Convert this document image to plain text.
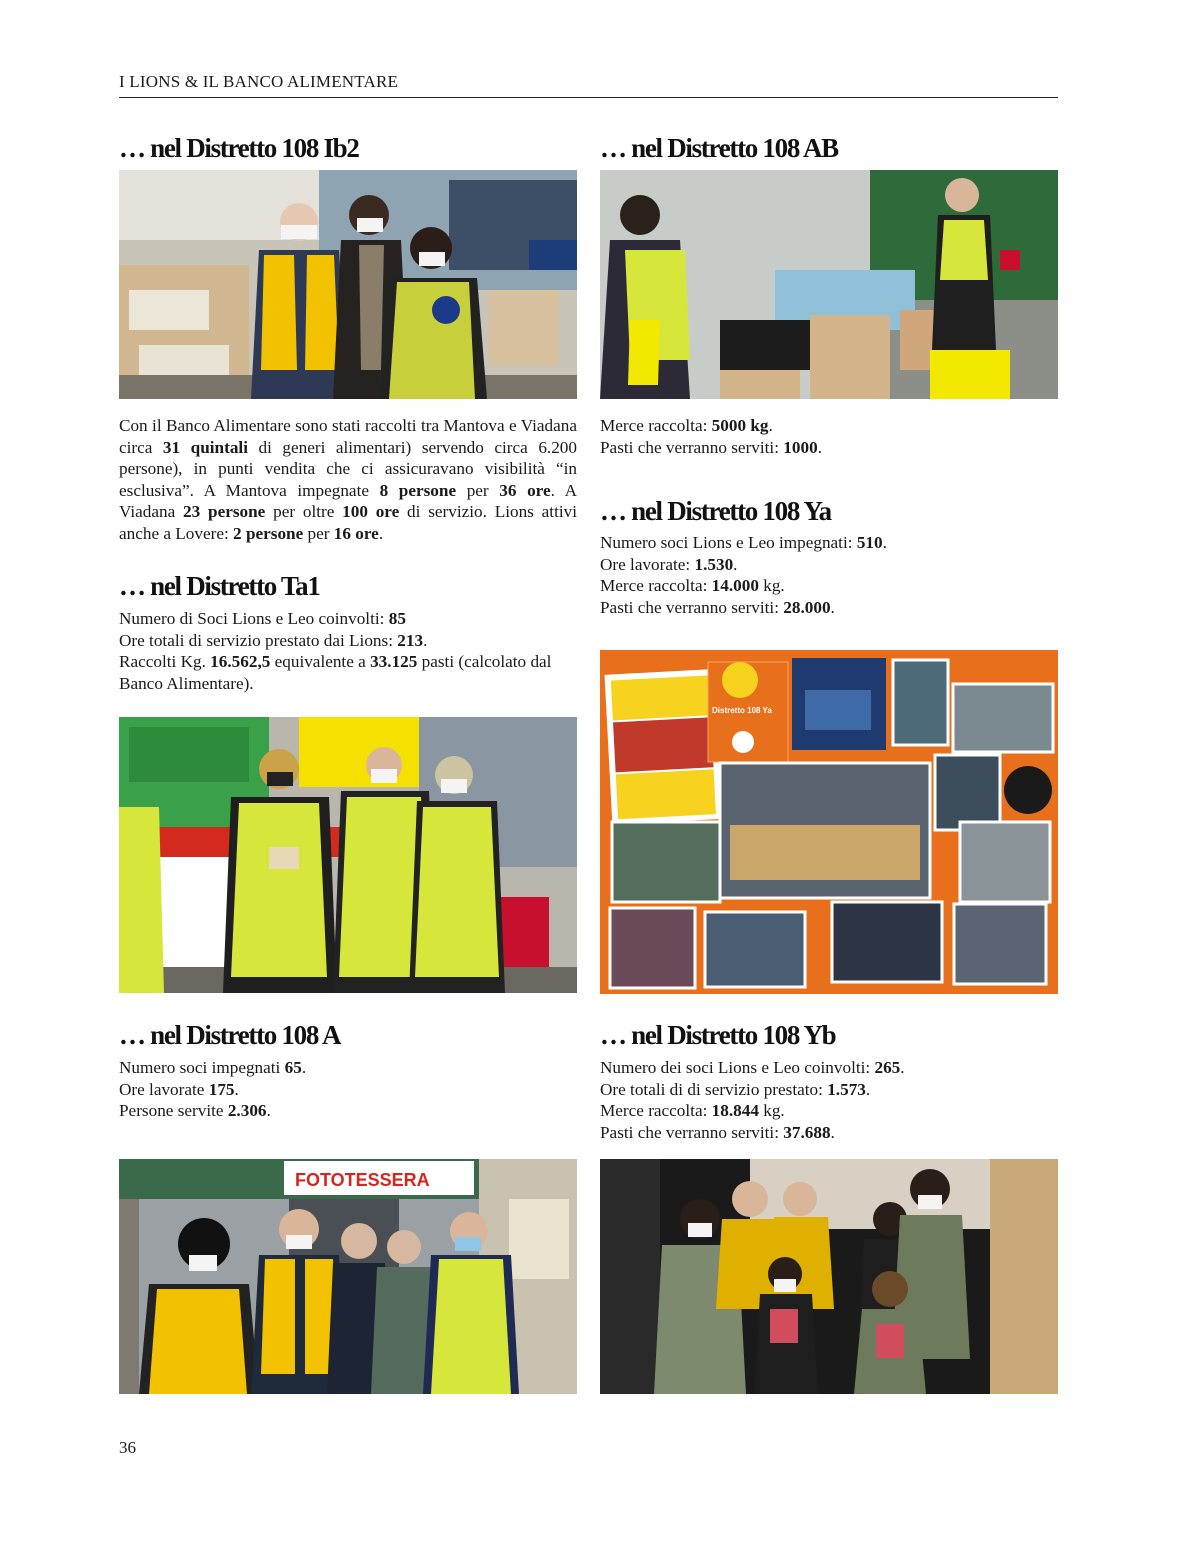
I LIONS & IL BANCO ALIMENTARE
… nel Distretto 108 Ib2

Con il Banco Alimentare sono stati raccolti tra Mantova e Viadana circa 31 quintali di generi alimentari) servendo circa 6.200 persone), in punti vendita che ci assicuravano visibilità “in esclusiva”. A Mantova impegnate 8 persone per 36 ore. A Viadana 23 persone per oltre 100 ore di servizio. Lions attivi anche a Lovere: 2 persone per 16 ore.

… nel Distretto Ta1

Numero di Soci Lions e Leo coinvolti: 85

Ore totali di servizio prestato dai Lions: 213.

Raccolti Kg. 16.562,5 equivalente a 33.125 pasti (calcolato dal Banco Alimentare).

… nel Distretto 108 A

Numero soci impegnati 65.

Ore lavorate 175.

Persone servite 2.306.

FOTOTESSERA
… nel Distretto 108 AB

Merce raccolta: 5000 kg.

Pasti che verranno serviti: 1000.

… nel Distretto 108 Ya

Numero soci Lions e Leo impegnati: 510.

Ore lavorate: 1.530.

Merce raccolta: 14.000 kg.

Pasti che verranno serviti: 28.000.

Distretto 108 Ya
… nel Distretto 108 Yb

Numero dei soci Lions e Leo coinvolti: 265.

Ore totali di di servizio prestato: 1.573.

Merce raccolta: 18.844 kg.

Pasti che verranno serviti: 37.688.

36
